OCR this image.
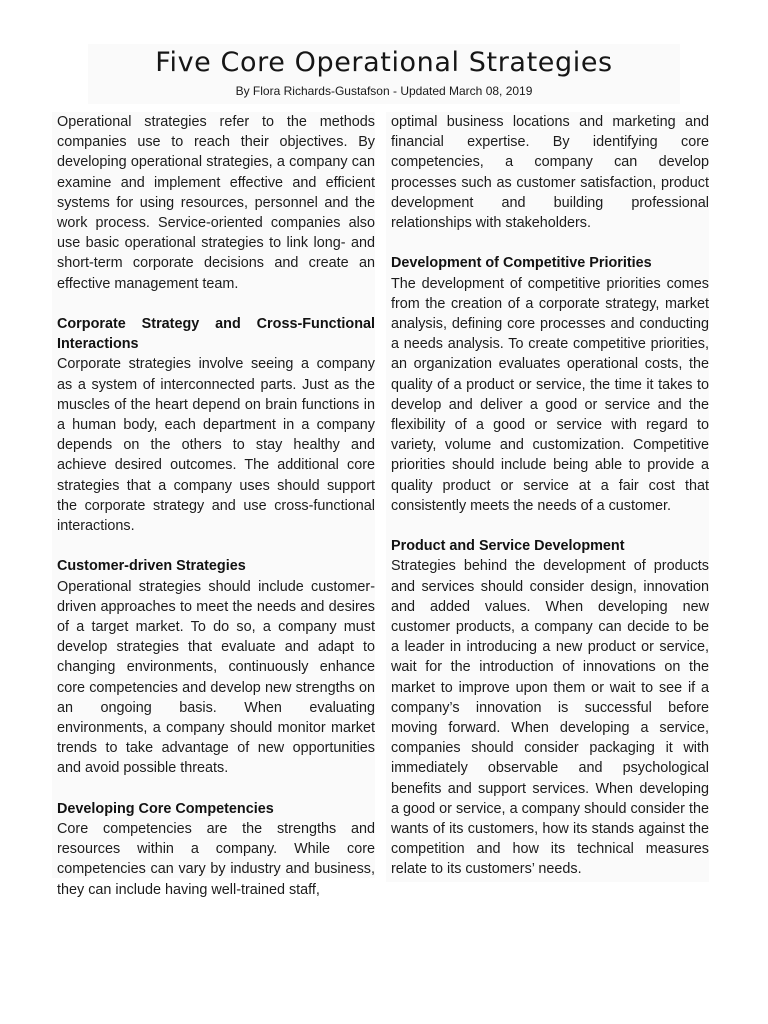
Five Core Operational Strategies

By Flora Richards-Gustafson - Updated March 08, 2019

Operational strategies refer to the methods companies use to reach their objectives. By developing operational strategies, a company can examine and implement effective and efficient systems for using resources, personnel and the work process. Service-oriented companies also use basic operational strategies to link long- and short-term corporate decisions and create an effective management team.

Corporate Strategy and Cross-Functional Interactions

Corporate strategies involve seeing a company as a system of interconnected parts. Just as the muscles of the heart depend on brain functions in a human body, each department in a company depends on the others to stay healthy and achieve desired outcomes. The additional core strategies that a company uses should support the corporate strategy and use cross-functional interactions.

Customer-driven Strategies

Operational strategies should include customer-driven approaches to meet the needs and desires of a target market. To do so, a company must develop strategies that evaluate and adapt to changing environments, continuously enhance core competencies and develop new strengths on an ongoing basis. When evaluating environments, a company should monitor market trends to take advantage of new opportunities and avoid possible threats.

Developing Core Competencies

Core competencies are the strengths and resources within a company. While core competencies can vary by industry and business, they can include having well-trained staff,

optimal business locations and marketing and financial expertise. By identifying core competencies, a company can develop processes such as customer satisfaction, product development and building professional relationships with stakeholders.

Development of Competitive Priorities

The development of competitive priorities comes from the creation of a corporate strategy, market analysis, defining core processes and conducting a needs analysis. To create competitive priorities, an organization evaluates operational costs, the quality of a product or service, the time it takes to develop and deliver a good or service and the flexibility of a good or service with regard to variety, volume and customization. Competitive priorities should include being able to provide a quality product or service at a fair cost that consistently meets the needs of a customer.

Product and Service Development

Strategies behind the development of products and services should consider design, innovation and added values. When developing new customer products, a company can decide to be a leader in introducing a new product or service, wait for the introduction of innovations on the market to improve upon them or wait to see if a company’s innovation is successful before moving forward. When developing a service, companies should consider packaging it with immediately observable and psychological benefits and support services. When developing a good or service, a company should consider the wants of its customers, how its stands against the competition and how its technical measures relate to its customers’ needs.
